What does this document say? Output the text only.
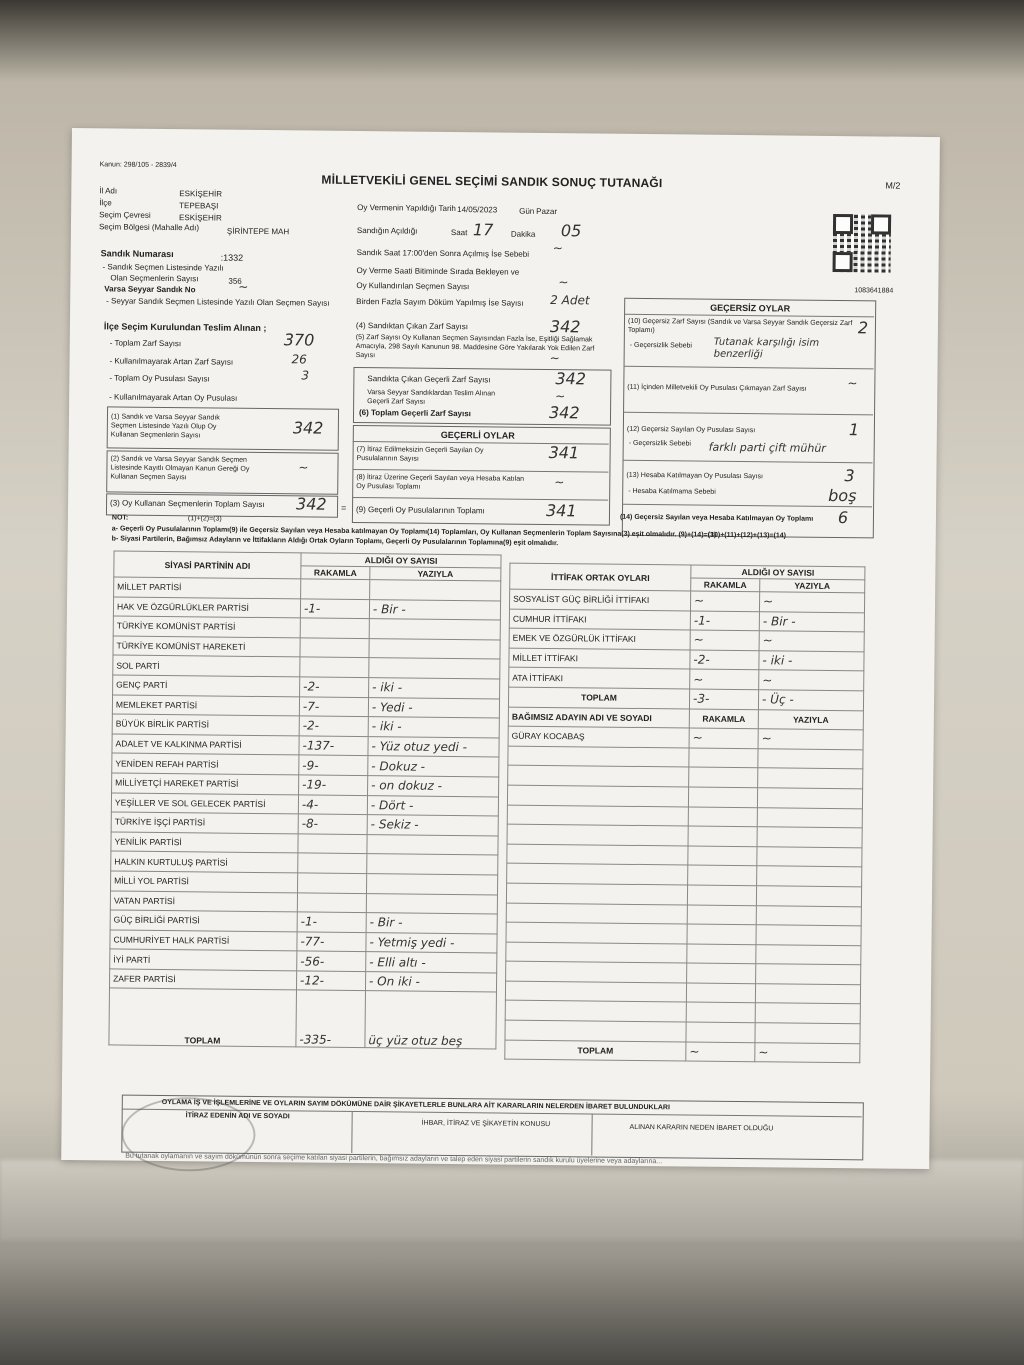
Kanun: 298/105 - 2839/4
MİLLETVEKİLİ GENEL SEÇİMİ SANDIK SONUÇ TUTANAĞI	M/2
1083641884
İl Adı	ESKİŞEHİR
İlçe	TEPEBAŞI
Seçim Çevresi	ESKİŞEHİR
Seçim Bölgesi (Mahalle Adı)	ŞİRİNTEPE MAH
Sandık Numarası	:1332
- Sandık Seçmen Listesinde Yazılı
Olan Seçmenlerin Sayısı	356
Varsa Seyyar Sandık No	~
- Seyyar Sandık Seçmen Listesinde Yazılı Olan Seçmen Sayısı
Oy Vermenin Yapıldığı Tarih 14/05/2023	Gün Pazar
Sandığın Açıldığı	Saat 17 Dakika 05
Sandık Saat 17:00'den Sonra Açılmış İse Sebebi ~
Oy Verme Saati Bitiminde Sırada Bekleyen ve
Oy Kullandırılan Seçmen Sayısı	~
Birden Fazla Sayım Döküm Yapılmış İse Sayısı 2 Adet
İlçe Seçim Kurulundan Teslim Alınan ;
- Toplam Zarf Sayısı	370
- Kullanılmayarak Artan Zarf Sayısı	26
- Toplam Oy Pusulası Sayısı	3
- Kullanılmayarak Artan Oy Pusulası
(1) Sandık ve Varsa Seyyar Sandık Seçmen Listesinde Yazılı Olup Oy Kullanan Seçmenlerin Sayısı	342
(2) Sandık ve Varsa Seyyar Sandık Seçmen Listesinde Kayıtlı Olmayan Kanun Gereği Oy Kullanan Seçmen Sayısı
~
(3) Oy Kullanan Seçmenlerin Toplam Sayısı 342 =
(4) Sandıktan Çıkan Zarf Sayısı	342
(5) Zarf Sayısı Oy Kullanan Seçmen Sayısından Fazla İse, Eşitliği Sağlamak Amacıyla, 298 Sayılı Kanunun 98. Maddesine Göre Yakılarak Yok Edilen Zarf Sayısı	~
Sandıkta Çıkan Geçerli Zarf Sayısı	342
Varsa Seyyar Sandıklardan Teslim Alınan Geçerli Zarf Sayısı	~
(6) Toplam Geçerli Zarf Sayısı	342
GEÇERLİ OYLAR
(7) İtiraz Edilmeksizin Geçerli Sayılan Oy Pusulalarının Sayısı	341
(8) İtiraz Üzerine Geçerli Sayılan veya Hesaba Katılan Oy Pusulası Toplamı	~
(9) Geçerli Oy Pusulalarının Toplamı	341
GEÇERSİZ OYLAR
(10) Geçersiz Zarf Sayısı (Sandık ve Varsa Seyyar Sandık Geçersiz Zarf Toplamı)	2
- Geçersizlik Sebebi Tutanak karşılığı isim benzerliği
(11) İçinden Milletvekili Oy Pusulası Çıkmayan Zarf Sayısı	~
(12) Geçersiz Sayılan Oy Pusulası Sayısı	1
- Geçersizlik Sebebi farklı parti çift mühür
(13) Hesaba Katılmayan Oy Pusulası Sayısı	3
- Hesaba Katılmama Sebebi	boş
(14) Geçersiz Sayılan veya Hesaba Katılmayan Oy Toplamı 6
(10)+(11)+(12)+(13)=(14)
NOT:	(1)+(2)=(3)
a- Geçerli Oy Pusulalarının Toplamı(9) ile Geçersiz Sayılan veya Hesaba katılmayan Oy Toplamı(14) Toplamları, Oy Kullanan Seçmenlerin Toplam Sayısına(3) eşit olmalıdır. (9)+(14)=(3)
b- Siyasi Partilerin, Bağımsız Adayların ve İttifakların Aldığı Ortak Oyların Toplamı, Geçerli Oy Pusulalarının Toplamına(9) eşit olmalıdır.
SİYASİ PARTİNİN ADI	ALDIĞI OY SAYISI	
	RAKAMLA	YAZIYLA
MİLLET PARTİSİ		
HAK VE ÖZGÜRLÜKLER PARTİSİ	-1-	- Bir -
TÜRKİYE KOMÜNİST PARTİSİ		
TÜRKİYE KOMÜNİST HAREKETİ		
SOL PARTİ		
GENÇ PARTİ	-2-	- iki -
MEMLEKET PARTİSİ	-7-	- Yedi -
BÜYÜK BİRLİK PARTİSİ	-2-	- iki -
ADALET VE KALKINMA PARTİSİ	-137-	- Yüz otuz yedi -
YENİDEN REFAH PARTİSİ	-9-	- Dokuz -
MİLLİYETÇİ HAREKET PARTİSİ	-19-	- on dokuz -
YEŞİLLER VE SOL GELECEK PARTİSİ	-4-	- Dört -
TÜRKİYE İŞÇİ PARTİSİ	-8-	- Sekiz -
YENİLİK PARTİSİ		
HALKIN KURTULUŞ PARTİSİ		
MİLLİ YOL PARTİSİ		
VATAN PARTİSİ		
GÜÇ BİRLİĞİ PARTİSİ	-1-	- Bir -
CUMHURİYET HALK PARTİSİ	-77-	- Yetmiş yedi -
İYİ PARTİ	-56-	- Elli altı -
ZAFER PARTİSİ	-12-	- On iki -
TOPLAM	-335-	üç yüz otuz beş
İTTİFAK ORTAK OYLARI	ALDIĞI OY SAYISI	
	RAKAMLA	YAZIYLA
SOSYALİST GÜÇ BİRLİĞİ İTTİFAKI	~	~
CUMHUR İTTİFAKI	-1-	- Bir -
EMEK VE ÖZGÜRLÜK İTTİFAKI	~	~
MİLLET İTTİFAKI	-2-	- iki -
ATA İTTİFAKI	~	~
TOPLAM	-3-	- Üç -
BAĞIMSIZ ADAYIN ADI VE SOYADI	RAKAMLA	YAZIYLA
GÜRAY KOCABAŞ	~	~

TOPLAM	~	~
OYLAMA İŞ VE İŞLEMLERİNE VE OYLARIN SAYIM DÖKÜMÜNE DAİR ŞİKAYETLERLE BUNLARA AİT KARARLARIN NELERDEN İBARET BULUNDUKLARI
İTİRAZ EDENİN ADI VE SOYADI
İHBAR, İTİRAZ VE ŞİKAYETİN KONUSU
ALINAN KARARIN NEDEN İBARET OLDUĞU
Bu tutanak oylamanın ve sayım dökümünün sonra seçime katılan siyasi partilerin, bağımsız adayların ve talep eden siyasi partilerin sandık kurulu üyelerine veya adaylarına...
